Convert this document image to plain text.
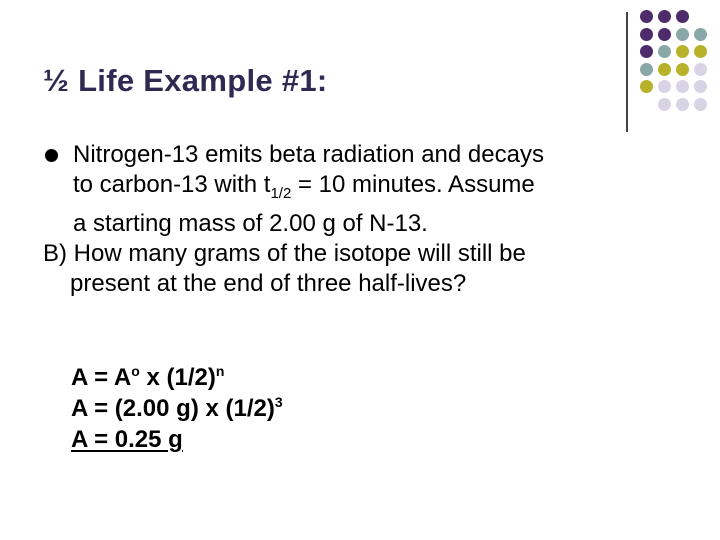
½ Life Example #1:
Nitrogen-13 emits beta radiation and decays
to carbon-13 with $t_{1/2} = 10$ minutes. Assume
a starting mass of 2.00 g of N-13.
B) How many grams of the isotope will still be
present at the end of three half-lives?
$A = A^o$ x $(1/2)^n$
A = (2.00 g) x $(1/2)^3$
A = 0.25 g
